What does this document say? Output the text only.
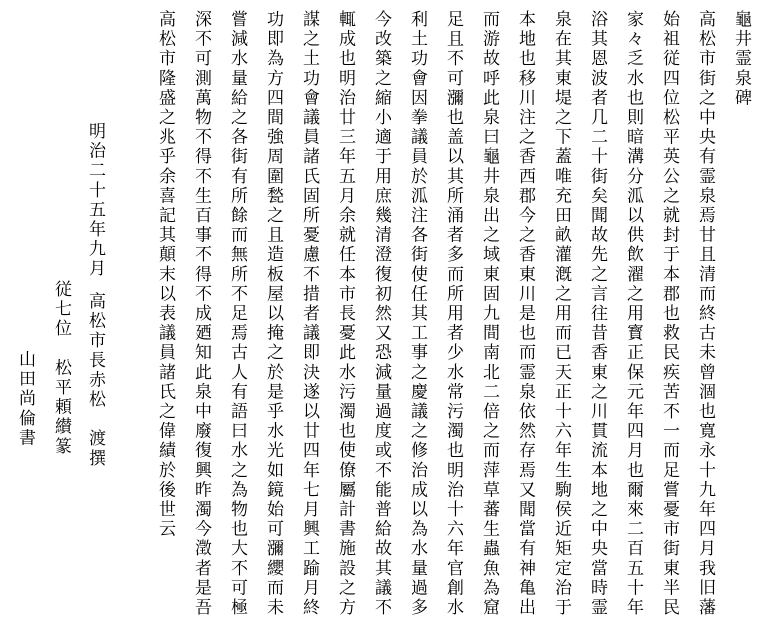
龜井霊泉碑
高松市街之中央有霊泉焉甘且清而終古未曾涸也寛永十九年四月我旧藩
始祖従四位松平英公之就封于本郡也救民疾苦不一而足嘗憂市街東半民
家々乏水也則暗溝分泒以供飲濯之用寳正保元年四月也爾來二百五十年
浴其恩波者几二十街矣聞故先之言往昔香東之川貫流本地之中央當時霊
泉在其東堤之下蓋唯充田畝灌漑之用而已天正十六年生駒侯近矩定治于
本地也移川注之香西郡今之香東川是也而霊泉依然存焉又聞當有神亀出
而游故呼此泉曰龜井泉出之域東固九間南北二倍之而萍草蕃生蟲魚為窟
足且不可瀰也盖以其所涌者多而所用者少水常污濁也明治十六年官創水
利土功會因拳議員於泒注各街使任其工事之慶議之修治成以為水量過多
今改築之縮小適于用庶幾清澄復初然又恐減量過度或不能普給故其議不
輒成也明治廿三年五月余就任本市長憂此水污濁也使僚屬計書施設之方
謀之土功會議員諸氏固所憂慮不措者議即決遂以廿四年七月興工踰月終
功即為方四間強周圍甃之且造板屋以掩之於是乎水光如鏡始可瀰纓而未
嘗減水量給之各街有所餘而無所不足焉古人有語曰水之為物也大不可極
深不可測萬物不得不生百事不得不成廼知此泉中廢復興昨濁今澂者是吾
高松市隆盛之兆乎余喜記其顛末以表議員諸氏之偉績於後世云
明治二十五年九月
高松市長赤松　渡撰
従七位　松平頼纉篆
山田尚倫書
